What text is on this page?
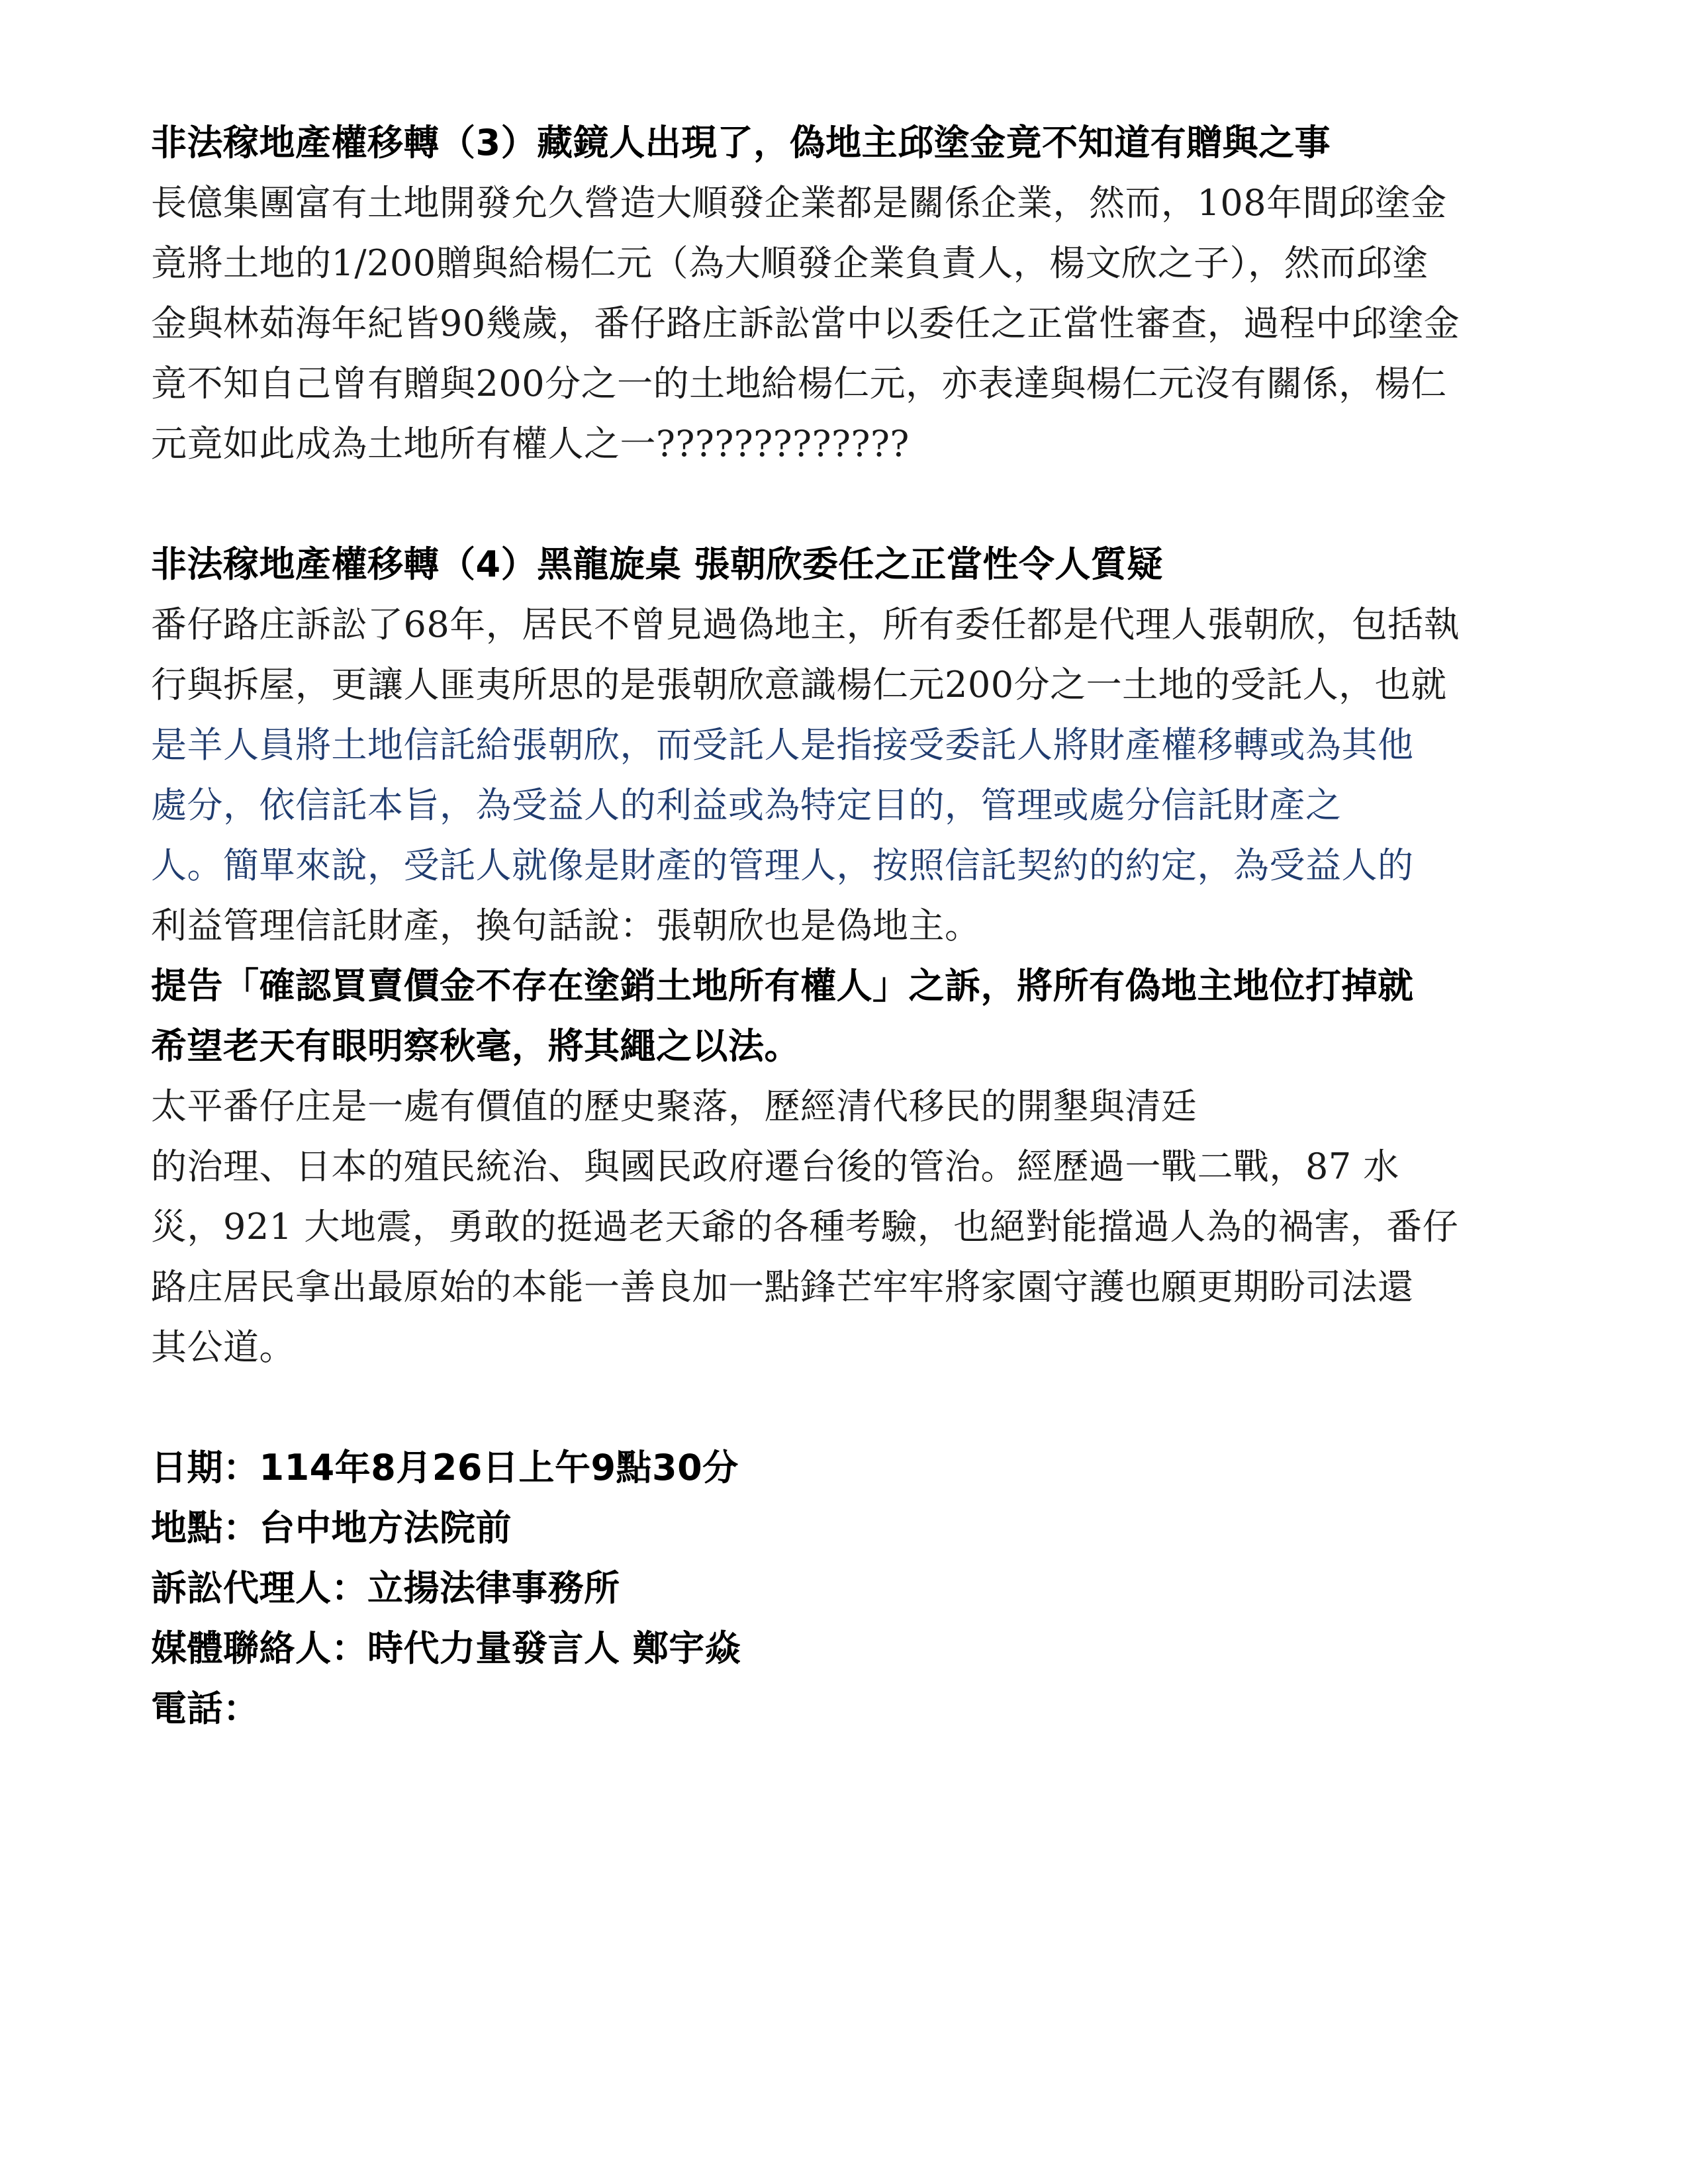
非法稼地產權移轉（3）藏鏡人出現了，偽地主邱塗金竟不知道有贈與之事
長億集團富有土地開發允久營造大順發企業都是關係企業，然而，108年間邱塗金
竟將土地的1/200贈與給楊仁元（為大順發企業負責人，楊文欣之子），然而邱塗
金與林茹海年紀皆90幾歲，番仔路庄訴訟當中以委任之正當性審查，過程中邱塗金
竟不知自己曾有贈與200分之一的土地給楊仁元，亦表達與楊仁元沒有關係，楊仁
元竟如此成為土地所有權人之一?????????????
非法稼地產權移轉（4）黑龍旋桌 張朝欣委任之正當性令人質疑
番仔路庄訴訟了68年，居民不曾見過偽地主，所有委任都是代理人張朝欣，包括執
行與拆屋，更讓人匪夷所思的是張朝欣意識楊仁元200分之一土地的受託人，也就
是羊人員將土地信託給張朝欣，而受託人是指接受委託人將財產權移轉或為其他
處分，依信託本旨，為受益人的利益或為特定目的，管理或處分信託財產之
人。簡單來說，受託人就像是財產的管理人，按照信託契約的約定，為受益人的
利益管理信託財產，換句話說：張朝欣也是偽地主。
提告「確認買賣價金不存在塗銷土地所有權人」之訴，將所有偽地主地位打掉就
希望老天有眼明察秋毫，將其繩之以法。
太平番仔庄是一處有價值的歷史聚落，歷經清代移民的開墾與清廷
的治理、日本的殖民統治、與國民政府遷台後的管治。經歷過一戰二戰，87 水
災，921 大地震，勇敢的挺過老天爺的各種考驗，也絕對能擋過人為的禍害，番仔
路庄居民拿出最原始的本能一善良加一點鋒芒牢牢將家園守護也願更期盼司法還
其公道。
日期：114年8月26日上午9點30分
地點：台中地方法院前
訴訟代理人：立揚法律事務所
媒體聯絡人：時代力量發言人 鄭宇焱
電話：
